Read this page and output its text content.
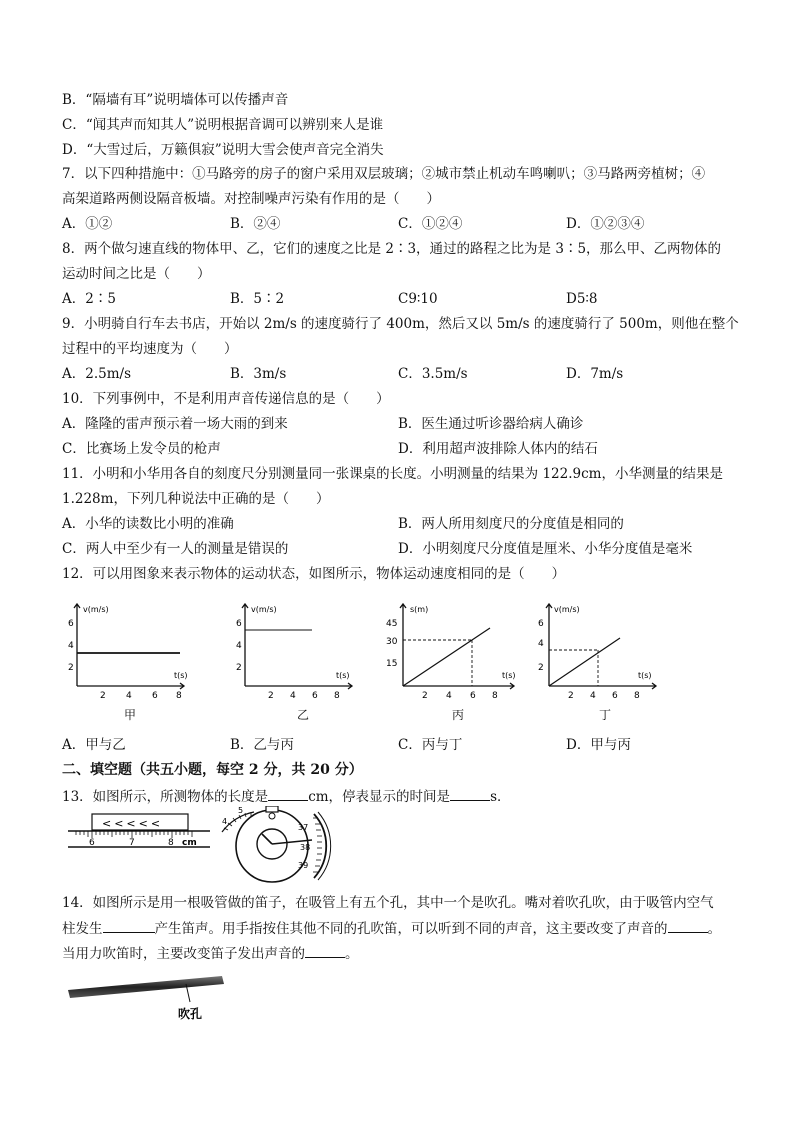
B．“隔墙有耳”说明墙体可以传播声音
C．“闻其声而知其人”说明根据音调可以辨别来人是谁
D．“大雪过后，万籁俱寂”说明大雪会使声音完全消失
7．以下四种措施中：①马路旁的房子的窗户采用双层玻璃；②城市禁止机动车鸣喇叭；③马路两旁植树；④
高架道路两侧设隔音板墙。对控制噪声污染有作用的是（　　）
A．①②	B．②④	C．①②④	D．①②③④
8．两个做匀速直线的物体甲、乙，它们的速度之比是 2∶3，通过的路程之比为是 3∶5，那么甲、乙两物体的
运动时间之比是（　　）
A．2∶5	B．5∶2	C9∶10	D5∶8
9．小明骑自行车去书店，开始以 2m/s 的速度骑行了 400m，然后又以 5m/s 的速度骑行了 500m，则他在整个
过程中的平均速度为（　　）
A．2.5m/s	B．3m/s	C．3.5m/s	D．7m/s
10．下列事例中，不是利用声音传递信息的是（　　）
A．隆隆的雷声预示着一场大雨的到来	B．医生通过听诊器给病人确诊
C．比赛场上发令员的枪声	D．利用超声波排除人体内的结石
11．小明和小华用各自的刻度尺分别测量同一张课桌的长度。小明测量的结果为 122.9cm，小华测量的结果是
1.228m，下列几种说法中正确的是（　　）
A．小华的读数比小明的准确	B．两人所用刻度尺的分度值是相同的
C．两人中至少有一人的测量是错误的	D．小明刻度尺分度值是厘米、小华分度值是毫米
12．可以用图象来表示物体的运动状态，如图所示，物体运动速度相同的是（　　）
v(m/s)
t(s)
6
4
2
2 4 6 8
甲
v(m/s)
t(s)
6
4
2
2 4 6 8
乙
s(m)
t(s)
45
30
15
2 4 6 8
丙
v(m/s)
t(s)
6
4
2
2 4 6 8
丁
A．甲与乙	B．乙与丙	C．丙与丁	D．甲与丙
二、填空题（共五小题，每空 2 分，共 20 分）
13．如图所示，所测物体的长度是	cm，停表显示的时间是	s．
<<<<<
6	7	8 cm
4
5
37
38
39
14．如图所示是用一根吸管做的笛子，在吸管上有五个孔，其中一个是吹孔。嘴对着吹孔吹，由于吸管内空气
柱发生	产生笛声。用手指按住其他不同的孔吹笛，可以听到不同的声音，这主要改变了声音的	。
当用力吹笛时，主要改变笛子发出声音的	。
吹孔
